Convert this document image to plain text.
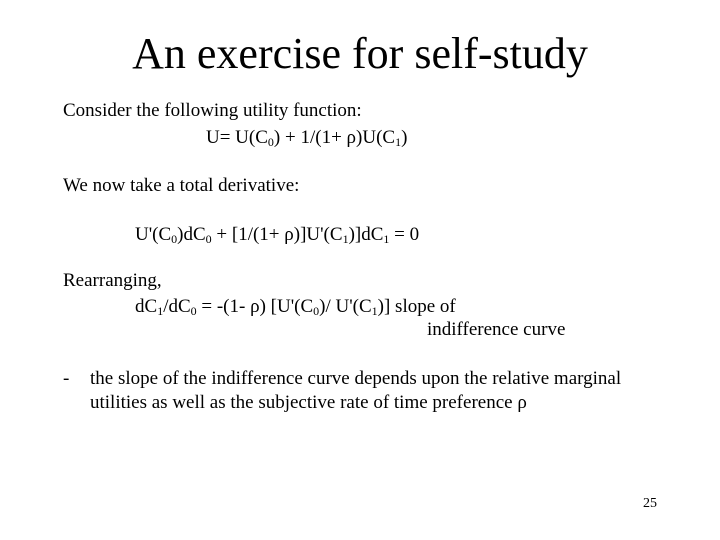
An exercise for self-study
Consider the following utility function:
$U= U(C_0) + 1/(1+ \rho)U(C_1)$
We now take a total derivative:
$U'(C_0)dC_0 + [1/(1+ \rho)]U'(C_1)]dC_1 = 0$
Rearranging,
$dC_1/dC_0 = -(1-$ ρ) [$U'(C_0)/$ $U'(C_1)$] slope of
indifference curve
- the slope of the indifference curve depends upon the relative marginal
utilities as well as the subjective rate of time preference ρ
25
